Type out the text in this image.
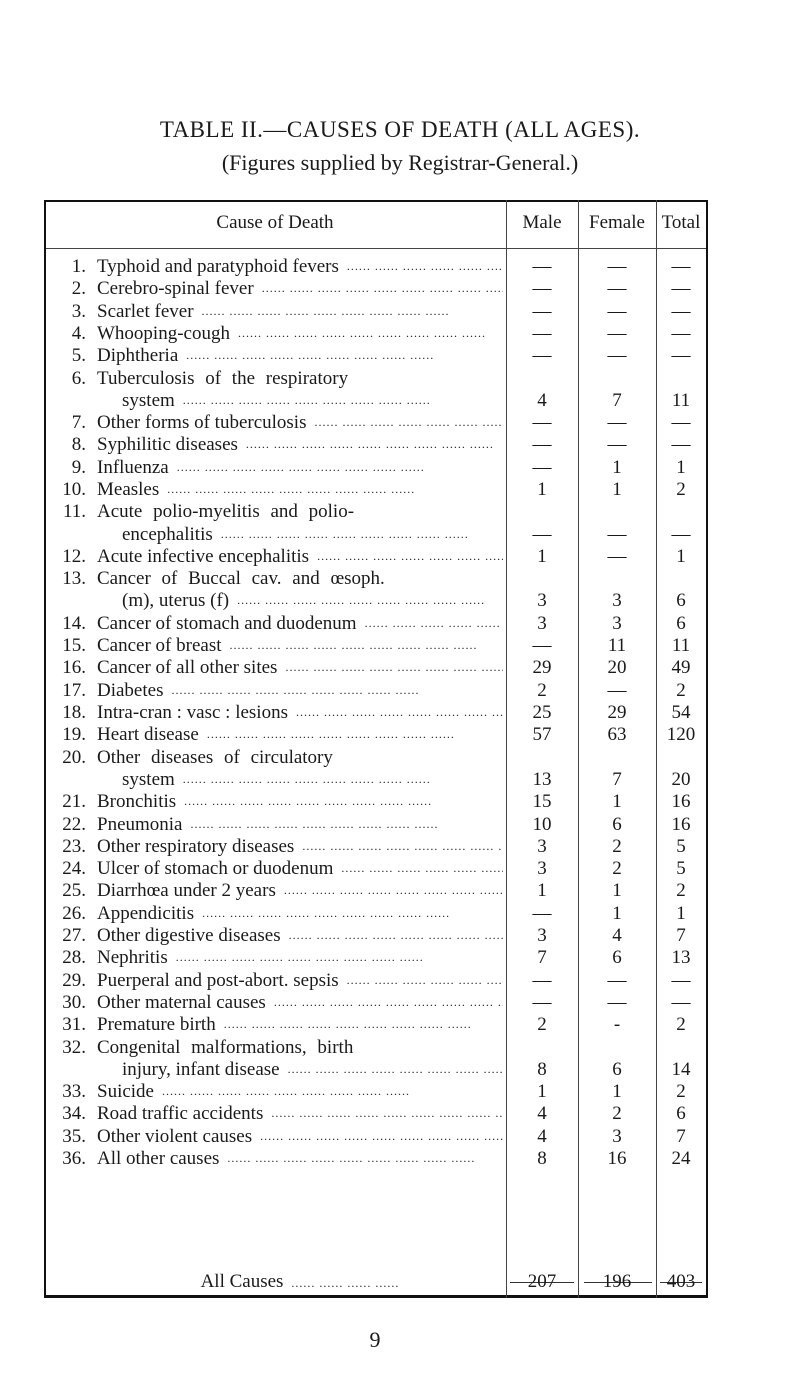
TABLE II.—CAUSES OF DEATH (ALL AGES).
(Figures supplied by Registrar-General.)
Cause of Death	Male	Female Total
1. Typhoid and paratyphoid fevers .....	—	—	—
2. Cerebro-spinal fever .....	—	—	—
3. Scarlet fever .....	—	—	—
4. Whooping-cough .....	—	—	—
5. Diphtheria .....	—	—	—
6. Tuberculosis of the respiratory
system .....	4	7	11
7. Other forms of tuberculosis .....	—	—	—
8. Syphilitic diseases .....	—	—	—
9. Influenza .....	—	1	1
10. Measles .....	1	1	2
11. Acute polio-myelitis and polio-
encephalitis .....	—	—	—
12. Acute infective encephalitis .....	1	—	1
13. Cancer of Buccal cav. and œsoph.
(m), uterus (f) .....	3	3	6
14. Cancer of stomach and duodenum .....	3	3	6
15. Cancer of breast .....	—	11	11
16. Cancer of all other sites .....	29	20	49
17. Diabetes .....	2	—	2
18. Intra-cran : vasc : lesions .....	25	29	54
19. Heart disease .....	57	63	120
20. Other diseases of circulatory
system .....	13	7	20
21. Bronchitis .....	15	1	16
22. Pneumonia .....	10	6	16
23. Other respiratory diseases .....	3	2	5
24. Ulcer of stomach or duodenum .....	3	2	5
25. Diarrhœa under 2 years .....	1	1	2
26. Appendicitis .....	—	1	1
27. Other digestive diseases .....	3	4	7
28. Nephritis .....	7	6	13
29. Puerperal and post-abort. sepsis .....	—	—	—
30. Other maternal causes .....	—	—	—
31. Premature birth .....	2	-	2
32. Congenital malformations, birth
injury, infant disease .....	8	6	14
33. Suicide .....	1	1	2
34. Road traffic accidents .....	4	2	6
35. Other violent causes .....	4	3	7
36. All other causes .....	8	16	24
All Causes ...... ...... ...... ......	207	196	403
9
